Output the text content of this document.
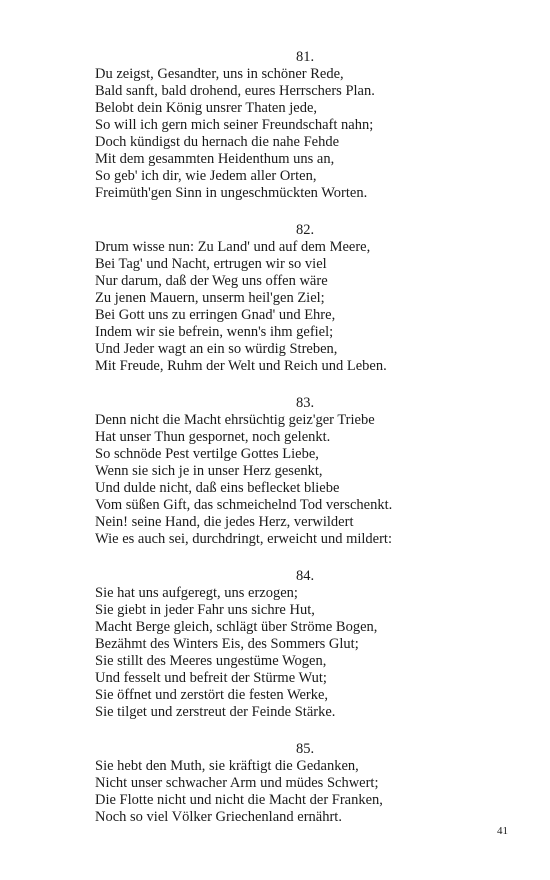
81.
Du zeigst, Gesandter, uns in schöner Rede,
Bald sanft, bald drohend, eures Herrschers Plan.
Belobt dein König unsrer Thaten jede,
So will ich gern mich seiner Freundschaft nahn;
Doch kündigst du hernach die nahe Fehde
Mit dem gesammten Heidenthum uns an,
So geb' ich dir, wie Jedem aller Orten,
Freimüth'gen Sinn in ungeschmückten Worten.
82.
Drum wisse nun: Zu Land' und auf dem Meere,
Bei Tag' und Nacht, ertrugen wir so viel
Nur darum, daß der Weg uns offen wäre
Zu jenen Mauern, unserm heil'gen Ziel;
Bei Gott uns zu erringen Gnad' und Ehre,
Indem wir sie befrein, wenn's ihm gefiel;
Und Jeder wagt an ein so würdig Streben,
Mit Freude, Ruhm der Welt und Reich und Leben.
83.
Denn nicht die Macht ehrsüchtig geiz'ger Triebe
Hat unser Thun gespornet, noch gelenkt.
So schnöde Pest vertilge Gottes Liebe,
Wenn sie sich je in unser Herz gesenkt,
Und dulde nicht, daß eins beflecket bliebe
Vom süßen Gift, das schmeichelnd Tod verschenkt.
Nein! seine Hand, die jedes Herz, verwildert
Wie es auch sei, durchdringt, erweicht und mildert:
84.
Sie hat uns aufgeregt, uns erzogen;
Sie giebt in jeder Fahr uns sichre Hut,
Macht Berge gleich, schlägt über Ströme Bogen,
Bezähmt des Winters Eis, des Sommers Glut;
Sie stillt des Meeres ungestüme Wogen,
Und fesselt und befreit der Stürme Wut;
Sie öffnet und zerstört die festen Werke,
Sie tilget und zerstreut der Feinde Stärke.
85.
Sie hebt den Muth, sie kräftigt die Gedanken,
Nicht unser schwacher Arm und müdes Schwert;
Die Flotte nicht und nicht die Macht der Franken,
Noch so viel Völker Griechenland ernährt.
41
